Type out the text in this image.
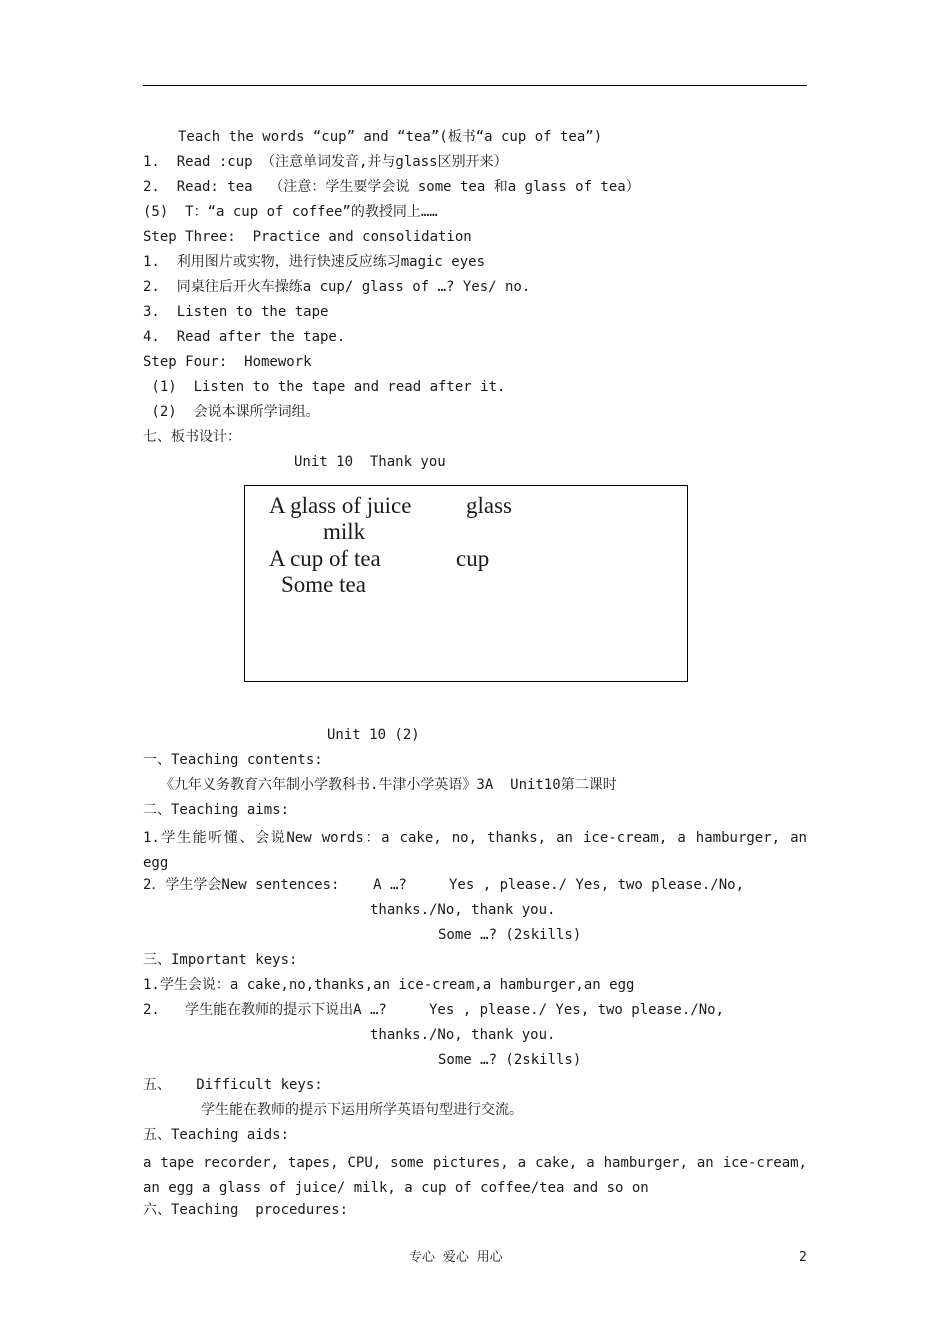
Teach the words “cup” and “tea”(板书“a cup of tea”)
1.  Read :cup （注意单词发音,并与glass区别开来）
2.  Read: tea  （注意：学生要学会说 some tea 和a glass of tea）
(5)  T：“a cup of coffee”的教授同上……
Step Three:  Practice and consolidation
1.  利用图片或实物，进行快速反应练习magic eyes
2.  同桌往后开火车操练a cup/ glass of …? Yes/ no.
3.  Listen to the tape
4.  Read after the tape.
Step Four:  Homework
(1)  Listen to the tape and read after it.
(2)  会说本课所学词组。
七、板书设计：
Unit 10  Thank you
A glass of juice glass
milk
A cup of tea	cup
Some tea
Unit 10 (2)
一、Teaching contents:
《九年义务教育六年制小学教科书.牛津小学英语》3A  Unit10第二课时
二、Teaching aims:
1.学生能听懂、会说New words：a cake, no, thanks, an ice-cream, a hamburger, an egg
2．学生学会New sentences:    A …?     Yes , please./ Yes, two please./No,
thanks./No, thank you.
Some …? (2skills)
三、Important keys:
1.学生会说：a cake,no,thanks,an ice-cream,a hamburger,an egg
2.   学生能在教师的提示下说出A …?     Yes , please./ Yes, two please./No,
thanks./No, thank you.
Some …? (2skills)
五、   Difficult keys:
学生能在教师的提示下运用所学英语句型进行交流。
五、Teaching aids:
a tape recorder, tapes, CPU, some pictures, a cake, a hamburger, an ice-cream, an egg a glass of juice/ milk, a cup of coffee/tea and so on
六、Teaching  procedures:
专心 爱心 用心	2
